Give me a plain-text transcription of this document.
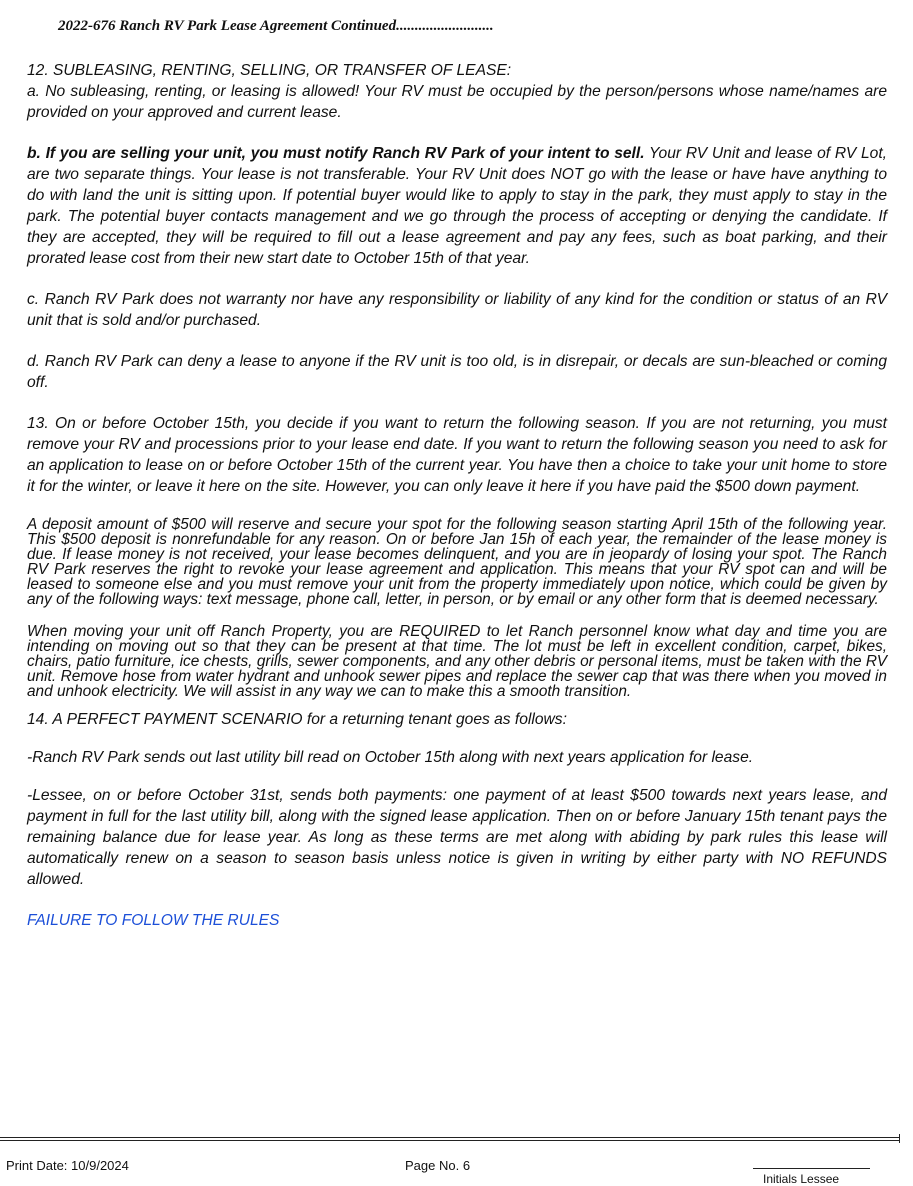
2022-676 Ranch RV Park Lease Agreement Continued..........................

12. SUBLEASING, RENTING, SELLING, OR TRANSFER OF LEASE:

a. No subleasing, renting, or leasing is allowed! Your RV must be occupied by the person/persons whose name/names are provided on your approved and current lease.

b. If you are selling your unit, you must notify Ranch RV Park of your intent to sell. Your RV Unit and lease of RV Lot, are two separate things. Your lease is not transferable. Your RV Unit does NOT go with the lease or have have anything to do with land the unit is sitting upon. If potential buyer would like to apply to stay in the park, they must apply to stay in the park. The potential buyer contacts management and we go through the process of accepting or denying the candidate. If they are accepted, they will be required to fill out a lease agreement and pay any fees, such as boat parking, and their prorated lease cost from their new start date to October 15th of that year.

c. Ranch RV Park does not warranty nor have any responsibility or liability of any kind for the condition or status of an RV unit that is sold and/or purchased.

d. Ranch RV Park can deny a lease to anyone if the RV unit is too old, is in disrepair, or decals are sun-bleached or coming off.

13. On or before October 15th, you decide if you want to return the following season. If you are not returning, you must remove your RV and processions prior to your lease end date. If you want to return the following season you need to ask for an application to lease on or before October 15th of the current year. You have then a choice to take your unit home to store it for the winter, or leave it here on the site. However, you can only leave it here if you have paid the $500 down payment.

A deposit amount of $500 will reserve and secure your spot for the following season starting April 15th of the following year. This $500 deposit is nonrefundable for any reason. On or before Jan 15h of each year, the remainder of the lease money is due. If lease money is not received, your lease becomes delinquent, and you are in jeopardy of losing your spot. The Ranch RV Park reserves the right to revoke your lease agreement and application. This means that your RV spot can and will be leased to someone else and you must remove your unit from the property immediately upon notice, which could be given by any of the following ways: text message, phone call, letter, in person, or by email or any other form that is deemed necessary.

When moving your unit off Ranch Property, you are REQUIRED to let Ranch personnel know what day and time you are intending on moving out so that they can be present at that time. The lot must be left in excellent condition, carpet, bikes, chairs, patio furniture, ice chests, grills, sewer components, and any other debris or personal items, must be taken with the RV unit. Remove hose from water hydrant and unhook sewer pipes and replace the sewer cap that was there when you moved in and unhook electricity. We will assist in any way we can to make this a smooth transition.

14. A PERFECT PAYMENT SCENARIO for a returning tenant goes as follows:

-Ranch RV Park sends out last utility bill read on October 15th along with next years application for lease.

-Lessee, on or before October 31st, sends both payments: one payment of at least $500 towards next years lease, and payment in full for the last utility bill, along with the signed lease application. Then on or before January 15th tenant pays the remaining balance due for lease year. As long as these terms are met along with abiding by park rules this lease will automatically renew on a season to season basis unless notice is given in writing by either party with NO REFUNDS allowed.

FAILURE TO FOLLOW THE RULES

Print Date: 10/9/2024	Page No. 6
Initials Lessee
